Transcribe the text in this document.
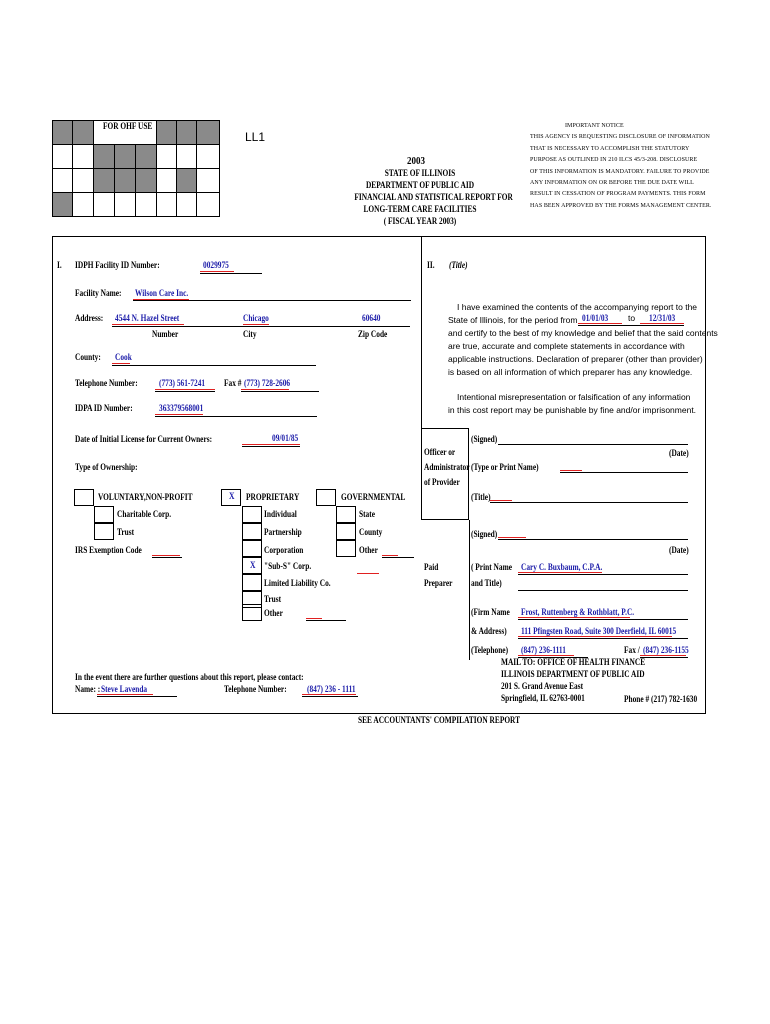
FOR OHF USE
LL1
2003
STATE OF ILLINOIS
DEPARTMENT OF PUBLIC AID
FINANCIAL AND STATISTICAL REPORT FOR
LONG-TERM CARE FACILITIES
( FISCAL YEAR 2003)
IMPORTANT NOTICE
THIS AGENCY IS REQUESTING DISCLOSURE OF INFORMATION
THAT IS NECESSARY TO ACCOMPLISH THE STATUTORY
PURPOSE AS OUTLINED IN 210 ILCS 45/3-208. DISCLOSURE
OF THIS INFORMATION IS MANDATORY. FAILURE TO PROVIDE
ANY INFORMATION ON OR BEFORE THE DUE DATE WILL
RESULT IN CESSATION OF PROGRAM PAYMENTS. THIS FORM
HAS BEEN APPROVED BY THE FORMS MANAGEMENT CENTER.
I. IDPH Facility ID Number:	0029975
Facility Name: Wilson Care Inc.
Address: 4544 N. Hazel Street	Chicago	60640
Number	City	Zip Code
County: Cook
Telephone Number: (773) 561-7241 Fax # (773) 728-2606
IDPA ID Number:	363379568001
Date of Initial License for Current Owners:	09/01/85
Type of Ownership:
VOLUNTARY,NON-PROFIT
Charitable Corp.
Trust
X PROPRIETARY
Individual
Partnership
Corporation
X "Sub-S" Corp.
Limited Liability Co.
Trust
Other
GOVERNMENTAL
State
County
Other
IRS Exemption Code
In the event there are further questions about this report, please contact:
Name: : Steve Lavenda	Telephone Number: (847) 236 - 1111
II. (Title)
I have examined the contents of the accompanying report to the
State of Illinois, for the period from 01/01/03 to 12/31/03
and certify to the best of my knowledge and belief that the said contents
are true, accurate and complete statements in accordance with
applicable instructions. Declaration of preparer (other than provider)
is based on all information of which preparer has any knowledge.
Intentional misrepresentation or falsification of any information
in this cost report may be punishable by fine and/or imprisonment.
Officer or
Administrator
of Provider
(Signed)
(Date)
(Type or Print Name)
(Title)
(Signed)
(Date)
Paid
Preparer
( Print Name Cary C. Buxbaum, C.P.A.
and Title)
(Firm Name Frost, Ruttenberg & Rothblatt, P.C.
& Address) 111 Pfingsten Road, Suite 300 Deerfield, IL 60015
(Telephone) (847) 236-1111	Fax / (847) 236-1155
MAIL TO: OFFICE OF HEALTH FINANCE
ILLINOIS DEPARTMENT OF PUBLIC AID
201 S. Grand Avenue East
Springfield, IL 62763-0001	Phone # (217) 782-1630
SEE ACCOUNTANTS' COMPILATION REPORT
